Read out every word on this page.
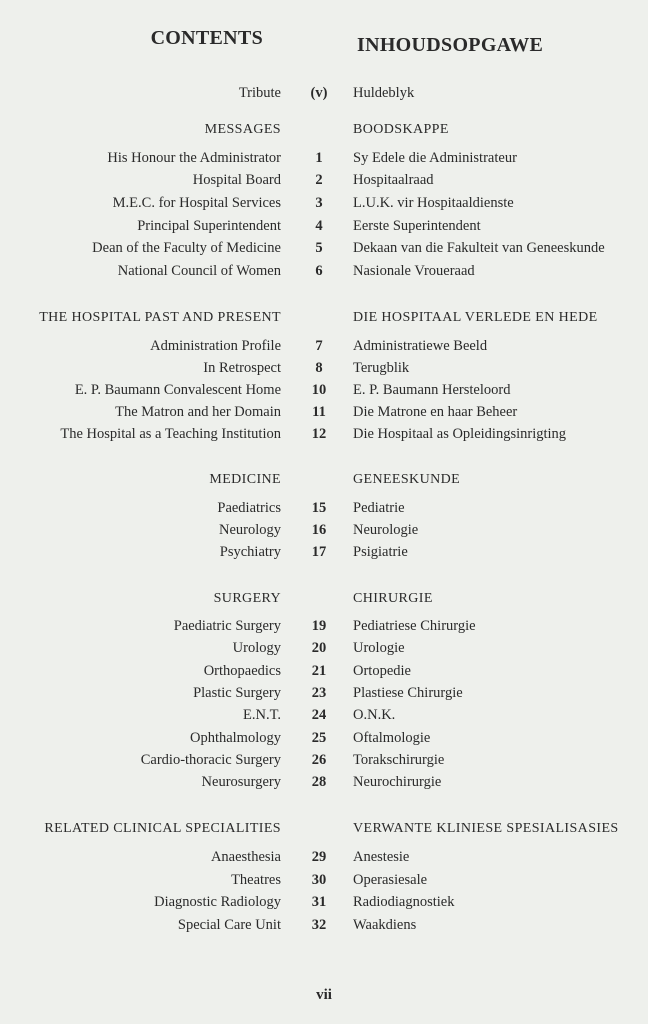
CONTENTS	INHOUDSOPGAWE
Tribute	(v)	Huldeblyk
MESSAGES	BOODSKAPPE
His Honour the Administrator	1	Sy Edele die Administrateur
Hospital Board	2	Hospitaalraad
M.E.C. for Hospital Services	3	L.U.K. vir Hospitaaldienste
Principal Superintendent	4	Eerste Superintendent
Dean of the Faculty of Medicine	5	Dekaan van die Fakulteit van Geneeskunde
National Council of Women	6	Nasionale Vroueraad
THE HOSPITAL PAST AND PRESENT	DIE HOSPITAAL VERLEDE EN HEDE
Administration Profile	7	Administratiewe Beeld
In Retrospect	8	Terugblik
E. P. Baumann Convalescent Home	10	E. P. Baumann Hersteloord
The Matron and her Domain	11	Die Matrone en haar Beheer
The Hospital as a Teaching Institution	12	Die Hospitaal as Opleidingsinrigting
MEDICINE	GENEESKUNDE
Paediatrics	15	Pediatrie
Neurology	16	Neurologie
Psychiatry	17	Psigiatrie
SURGERY	CHIRURGIE
Paediatric Surgery	19	Pediatriese Chirurgie
Urology	20	Urologie
Orthopaedics	21	Ortopedie
Plastic Surgery	23	Plastiese Chirurgie
E.N.T.	24	O.N.K.
Ophthalmology	25	Oftalmologie
Cardio-thoracic Surgery	26	Torakschirurgie
Neurosurgery	28	Neurochirurgie
RELATED CLINICAL SPECIALITIES	VERWANTE KLINIESE SPESIALISASIES
Anaesthesia	29	Anestesie
Theatres	30	Operasiesale
Diagnostic Radiology	31	Radiodiagnostiek
Special Care Unit	32	Waakdiens
vii
